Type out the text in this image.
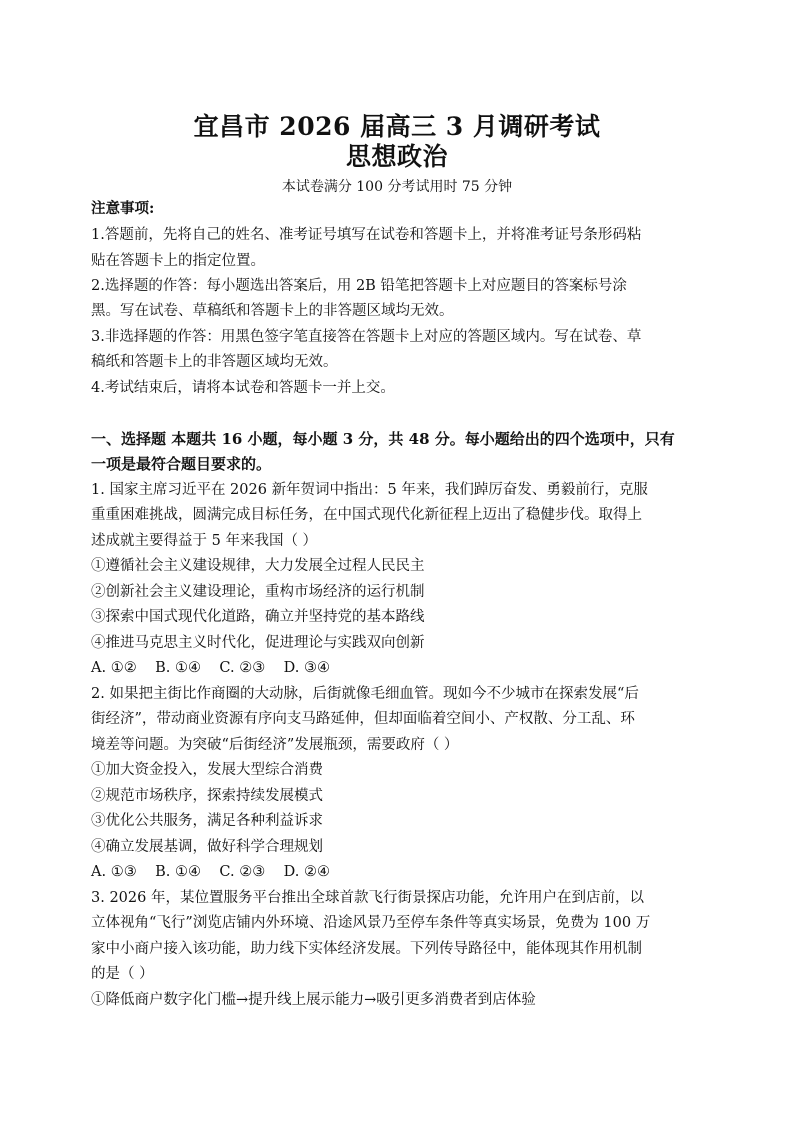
宜昌市 2026 届高三 3 月调研考试
思想政治
本试卷满分 100 分考试用时 75 分钟
注意事项:
1.答题前，先将自己的姓名、准考证号填写在试卷和答题卡上，并将准考证号条形码粘
贴在答题卡上的指定位置。
2.选择题的作答：每小题选出答案后，用 2B 铅笔把答题卡上对应题目的答案标号涂
黑。写在试卷、草稿纸和答题卡上的非答题区域均无效。
3.非选择题的作答：用黑色签字笔直接答在答题卡上对应的答题区域内。写在试卷、草
稿纸和答题卡上的非答题区域均无效。
4.考试结束后，请将本试卷和答题卡一并上交。
一、选择题 本题共 16 小题，每小题 3 分，共 48 分。每小题给出的四个选项中，只有
一项是最符合题目要求的。
1. 国家主席习近平在 2026 新年贺词中指出：5 年来，我们踔厉奋发、勇毅前行，克服
重重困难挑战，圆满完成目标任务，在中国式现代化新征程上迈出了稳健步伐。取得上
述成就主要得益于 5 年来我国（ ）
①遵循社会主义建设规律，大力发展全过程人民民主
②创新社会主义建设理论，重构市场经济的运行机制
③探索中国式现代化道路，确立并坚持党的基本路线
④推进马克思主义时代化，促进理论与实践双向创新
A. ①②    B. ①④    C. ②③    D. ③④
2. 如果把主街比作商圈的大动脉，后街就像毛细血管。现如今不少城市在探索发展“后
街经济”，带动商业资源有序向支马路延伸，但却面临着空间小、产权散、分工乱、环
境差等问题。为突破“后街经济”发展瓶颈，需要政府（ ）
①加大资金投入，发展大型综合消费
②规范市场秩序，探索持续发展模式
③优化公共服务，满足各种利益诉求
④确立发展基调，做好科学合理规划
A. ①③    B. ①④    C. ②③    D. ②④
3. 2026 年，某位置服务平台推出全球首款飞行街景探店功能，允许用户在到店前，以
立体视角“飞行”浏览店铺内外环境、沿途风景乃至停车条件等真实场景，免费为 100 万
家中小商户接入该功能，助力线下实体经济发展。下列传导路径中，能体现其作用机制
的是（ ）
①降低商户数字化门槛→提升线上展示能力→吸引更多消费者到店体验
